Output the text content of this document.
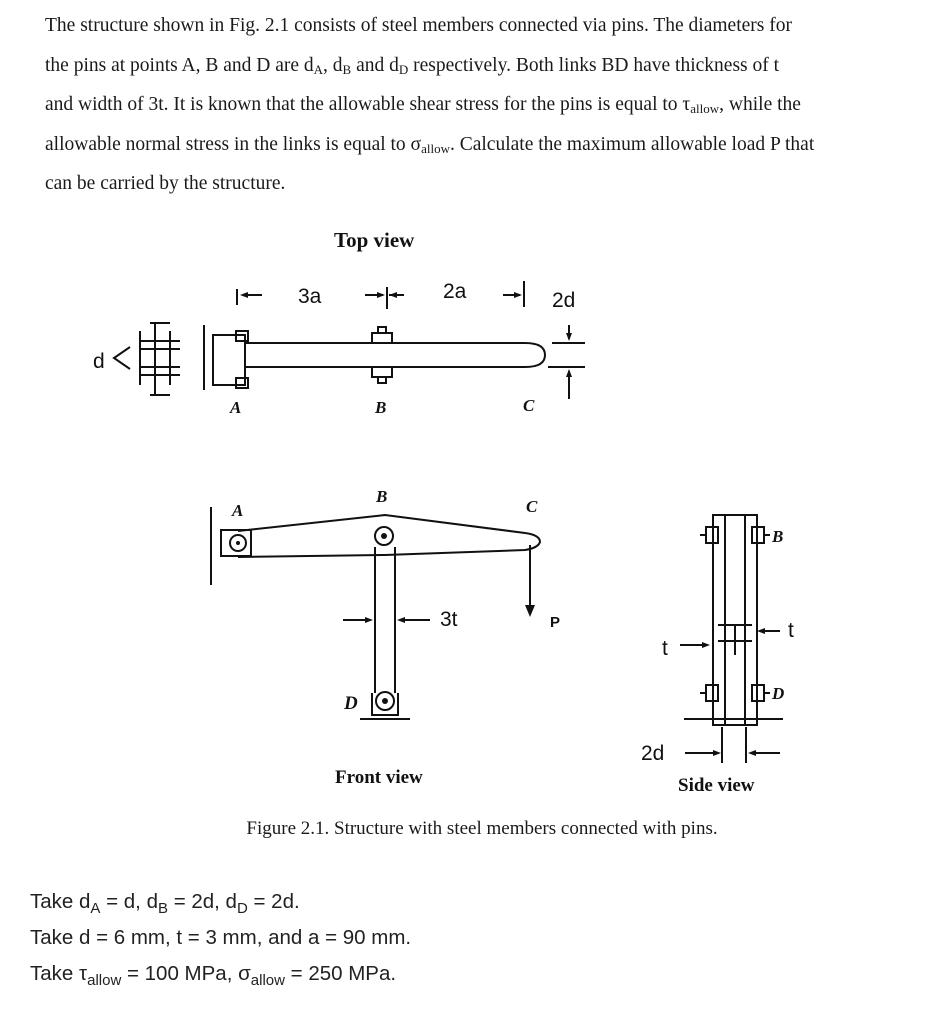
The structure shown in Fig. 2.1 consists of steel members connected via pins. The diameters for
the pins at points A, B and D are $d_A$, $d_B$ and $d_D$ respectively. Both links BD have thickness of t
and width of 3t. It is known that the allowable shear stress for the pins is equal to $\tau_{allow}$, while the
allowable normal stress in the links is equal to $\sigma_{allow}$. Calculate the maximum allowable load P that
can be carried by the structure.
Top view
3a	2a	2d
d
A	B	C
A
B
C
3t
D
P
Front view
B
D
t
t
2d
Side view
Figure 2.1. Structure with steel members connected with pins.
Take $d_A = d$, $d_B = 2d$, $d_D = 2d$.
Take d = 6 mm, t = 3 mm, and a = 90 mm.
Take $\tau_{allow} = 100$ MPa, $\sigma_{allow} = 250$ MPa.
